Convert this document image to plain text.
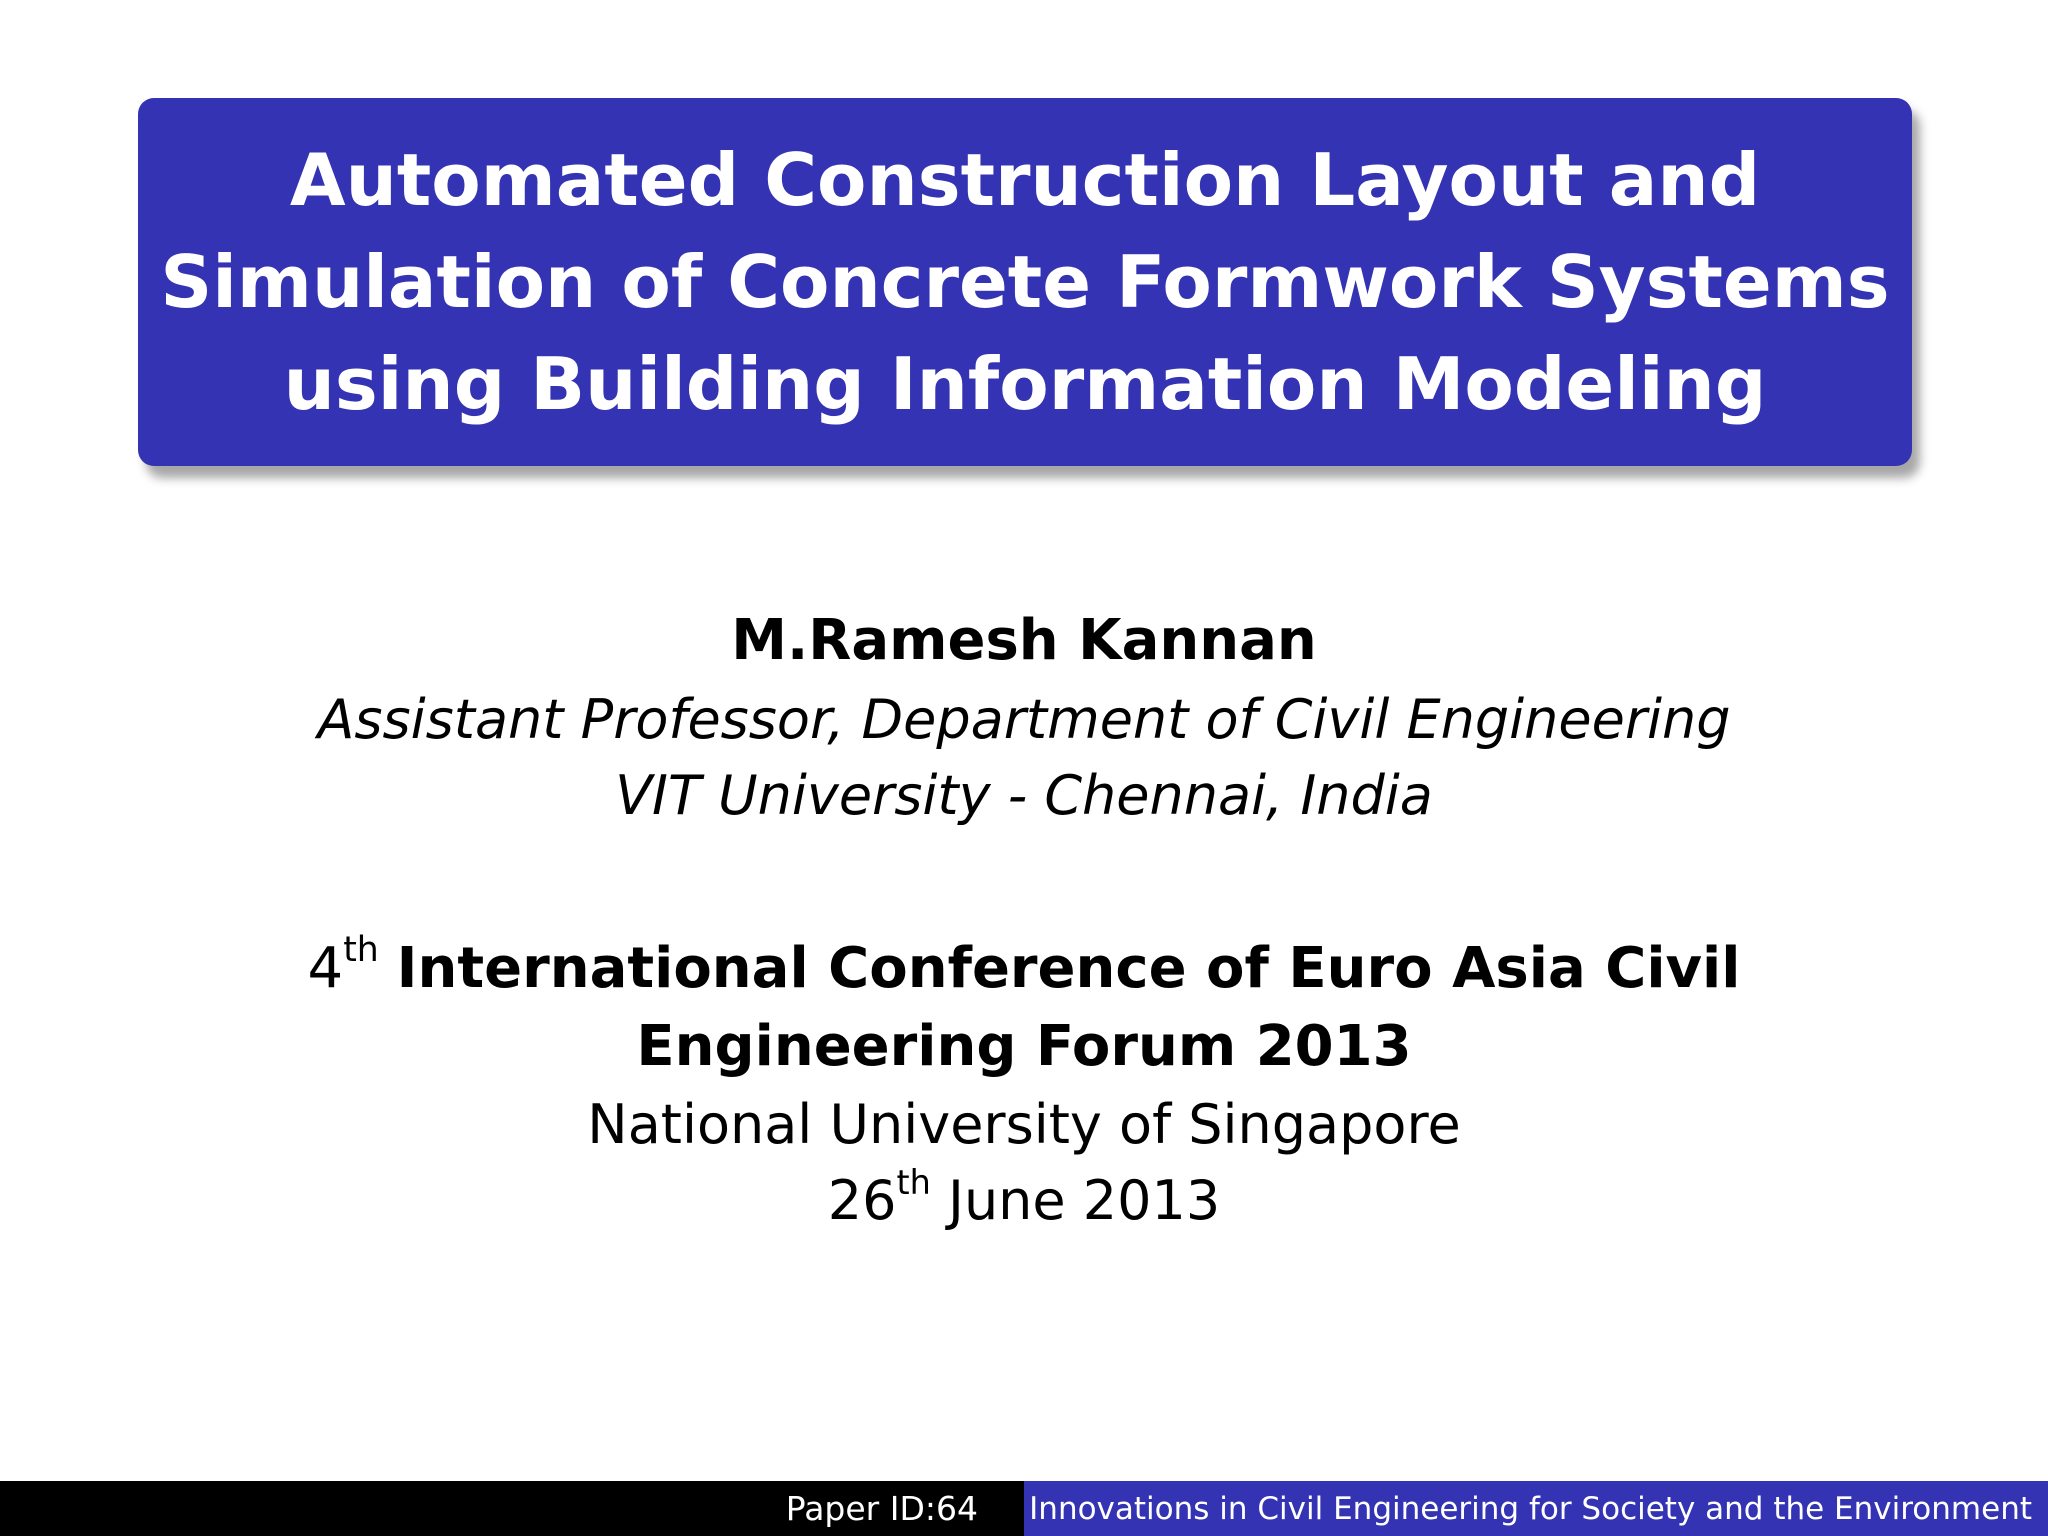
Automated Construction Layout and
Simulation of Concrete Formwork Systems
using Building Information Modeling
M.Ramesh Kannan
Assistant Professor, Department of Civil Engineering
VIT University - Chennai, India
4th International Conference of Euro Asia Civil
Engineering Forum 2013
National University of Singapore
26th June 2013
Paper ID:64 Innovations in Civil Engineering for Society and the Environment
